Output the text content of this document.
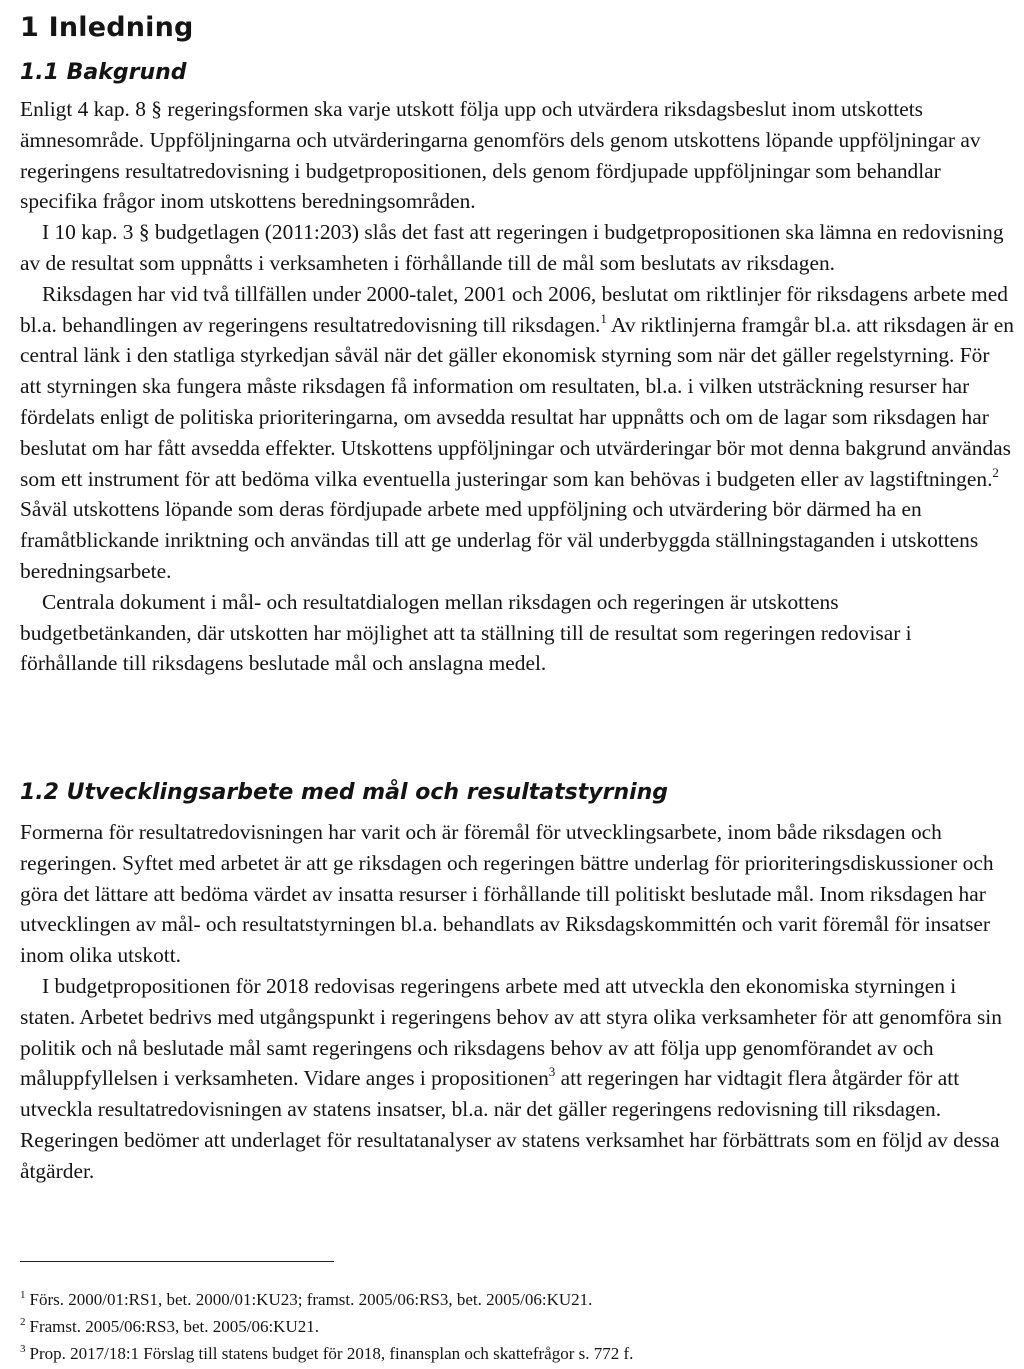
1 Inledning
1.1 Bakgrund

Enligt 4 kap. 8 § regeringsformen ska varje utskott följa upp och utvärdera riksdagsbeslut inom utskottets ämnesområde. Uppföljningarna och utvärderingarna genomförs dels genom utskottens löpande uppföljningar av regeringens resultatredovisning i budgetpropositionen, dels genom fördjupade uppföljningar som behandlar specifika frågor inom utskottens beredningsområden.

I 10 kap. 3 § budgetlagen (2011:203) slås det fast att regeringen i budgetpropositionen ska lämna en redovisning av de resultat som uppnåtts i verksamheten i förhållande till de mål som beslutats av riksdagen.

Riksdagen har vid två tillfällen under 2000-talet, 2001 och 2006, beslutat om riktlinjer för riksdagens arbete med bl.a. behandlingen av regeringens resultatredovisning till riksdagen.$^1$ Av riktlinjerna framgår bl.a. att riksdagen är en central länk i den statliga styrkedjan såväl när det gäller ekonomisk styrning som när det gäller regelstyrning. För att styrningen ska fungera måste riksdagen få information om resultaten, bl.a. i vilken utsträckning resurser har fördelats enligt de politiska prioriteringarna, om avsedda resultat har uppnåtts och om de lagar som riksdagen har beslutat om har fått avsedda effekter. Utskottens uppföljningar och utvärderingar bör mot denna bakgrund användas som ett instrument för att bedöma vilka eventuella justeringar som kan behövas i budgeten eller av lagstiftningen.$^2$ Såväl utskottens löpande som deras fördjupade arbete med uppföljning och utvärdering bör därmed ha en framåtblickande inriktning och användas till att ge underlag för väl underbyggda ställningstaganden i utskottens beredningsarbete.

Centrala dokument i mål- och resultatdialogen mellan riksdagen och regeringen är utskottens budgetbetänkanden, där utskotten har möjlighet att ta ställning till de resultat som regeringen redovisar i förhållande till riksdagens beslutade mål och anslagna medel.

1.2 Utvecklingsarbete med mål och resultatstyrning

Formerna för resultatredovisningen har varit och är föremål för utvecklingsarbete, inom både riksdagen och regeringen. Syftet med arbetet är att ge riksdagen och regeringen bättre underlag för prioriteringsdiskussioner och göra det lättare att bedöma värdet av insatta resurser i förhållande till politiskt beslutade mål. Inom riksdagen har utvecklingen av mål- och resultatstyrningen bl.a. behandlats av Riksdagskommittén och varit föremål för insatser inom olika utskott.

I budgetpropositionen för 2018 redovisas regeringens arbete med att utveckla den ekonomiska styrningen i staten. Arbetet bedrivs med utgångspunkt i regeringens behov av att styra olika verksamheter för att genomföra sin politik och nå beslutade mål samt regeringens och riksdagens behov av att följa upp genomförandet av och måluppfyllelsen i verksamheten. Vidare anges i propositionen$^3$ att regeringen har vidtagit flera åtgärder för att utveckla resultatredovisningen av statens insatser, bl.a. när det gäller regeringens redovisning till riksdagen. Regeringen bedömer att underlaget för resultatanalyser av statens verksamhet har förbättrats som en följd av dessa åtgärder.

$^1$ Förs. 2000/01:RS1, bet. 2000/01:KU23; framst. 2005/06:RS3, bet. 2005/06:KU21.

$^2$ Framst. 2005/06:RS3, bet. 2005/06:KU21.

$^3$ Prop. 2017/18:1 Förslag till statens budget för 2018, finansplan och skattefrågor s. 772 f.
